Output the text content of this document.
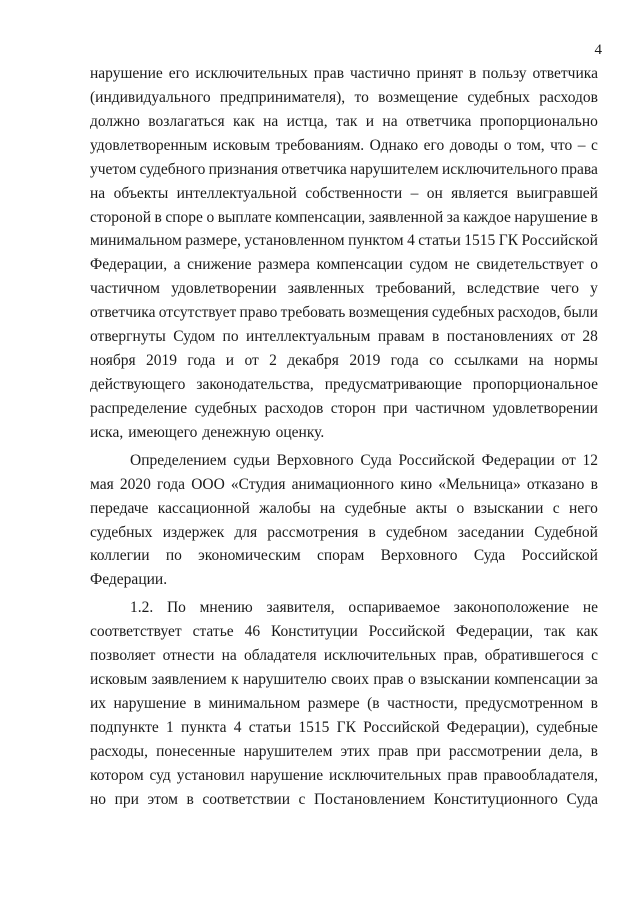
4
нарушение его исключительных прав частично принят в пользу ответчика
(индивидуального предпринимателя), то возмещение судебных расходов
должно возлагаться как на истца, так и на ответчика пропорционально
удовлетворенным исковым требованиям. Однако его доводы о том, что – с
учетом судебного признания ответчика нарушителем исключительного права
на объекты интеллектуальной собственности – он является выигравшей
стороной в споре о выплате компенсации, заявленной за каждое нарушение в
минимальном размере, установленном пунктом 4 статьи 1515 ГК Российской
Федерации, а снижение размера компенсации судом не свидетельствует о
частичном удовлетворении заявленных требований, вследствие чего у
ответчика отсутствует право требовать возмещения судебных расходов, были
отвергнуты Судом по интеллектуальным правам в постановлениях от 28
ноября 2019 года и от 2 декабря 2019 года со ссылками на нормы
действующего законодательства, предусматривающие пропорциональное
распределение судебных расходов сторон при частичном удовлетворении
иска, имеющего денежную оценку.
Определением судьи Верховного Суда Российской Федерации от 12
мая 2020 года ООО «Студия анимационного кино «Мельница» отказано в
передаче кассационной жалобы на судебные акты о взыскании с него
судебных издержек для рассмотрения в судебном заседании Судебной
коллегии по экономическим спорам Верховного Суда Российской
Федерации.
1.2. По мнению заявителя, оспариваемое законоположение не
соответствует статье 46 Конституции Российской Федерации, так как
позволяет отнести на обладателя исключительных прав, обратившегося с
исковым заявлением к нарушителю своих прав о взыскании компенсации за
их нарушение в минимальном размере (в частности, предусмотренном в
подпункте 1 пункта 4 статьи 1515 ГК Российской Федерации), судебные
расходы, понесенные нарушителем этих прав при рассмотрении дела, в
котором суд установил нарушение исключительных прав правообладателя,
но при этом в соответствии с Постановлением Конституционного Суда
